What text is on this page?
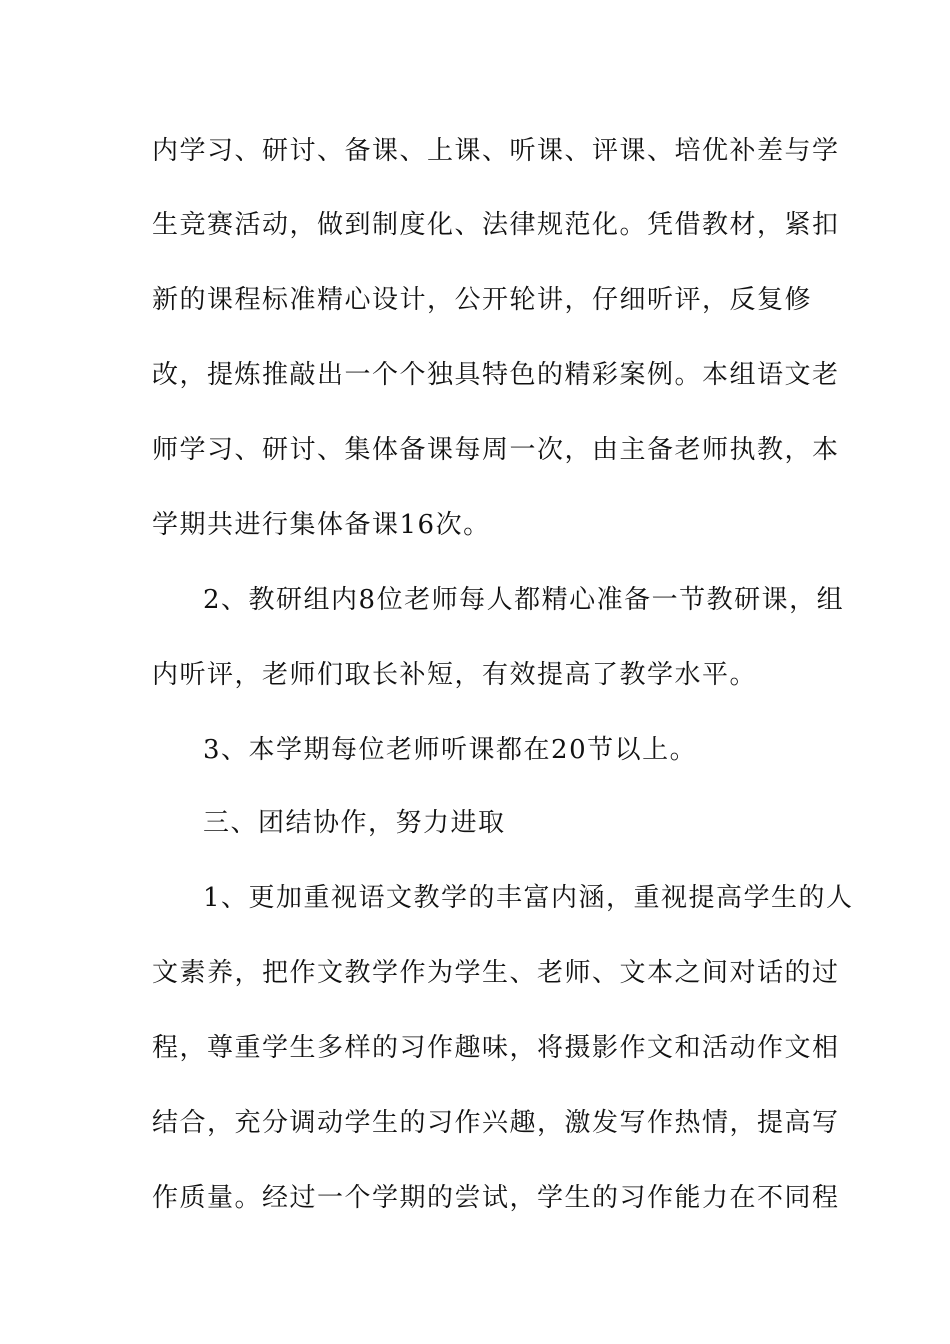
内学习、研讨、备课、上课、听课、评课、培优补差与学
生竞赛活动，做到制度化、法律规范化。凭借教材，紧扣
新的课程标准精心设计，公开轮讲，仔细听评，反复修
改，提炼推敲出一个个独具特色的精彩案例。本组语文老
师学习、研讨、集体备课每周一次，由主备老师执教，本
学期共进行集体备课16次。
2、教研组内8位老师每人都精心准备一节教研课，组
内听评，老师们取长补短，有效提高了教学水平。
3、本学期每位老师听课都在20节以上。
三、团结协作，努力进取
1、更加重视语文教学的丰富内涵，重视提高学生的人
文素养，把作文教学作为学生、老师、文本之间对话的过
程，尊重学生多样的习作趣味，将摄影作文和活动作文相
结合，充分调动学生的习作兴趣，激发写作热情，提高写
作质量。经过一个学期的尝试，学生的习作能力在不同程
